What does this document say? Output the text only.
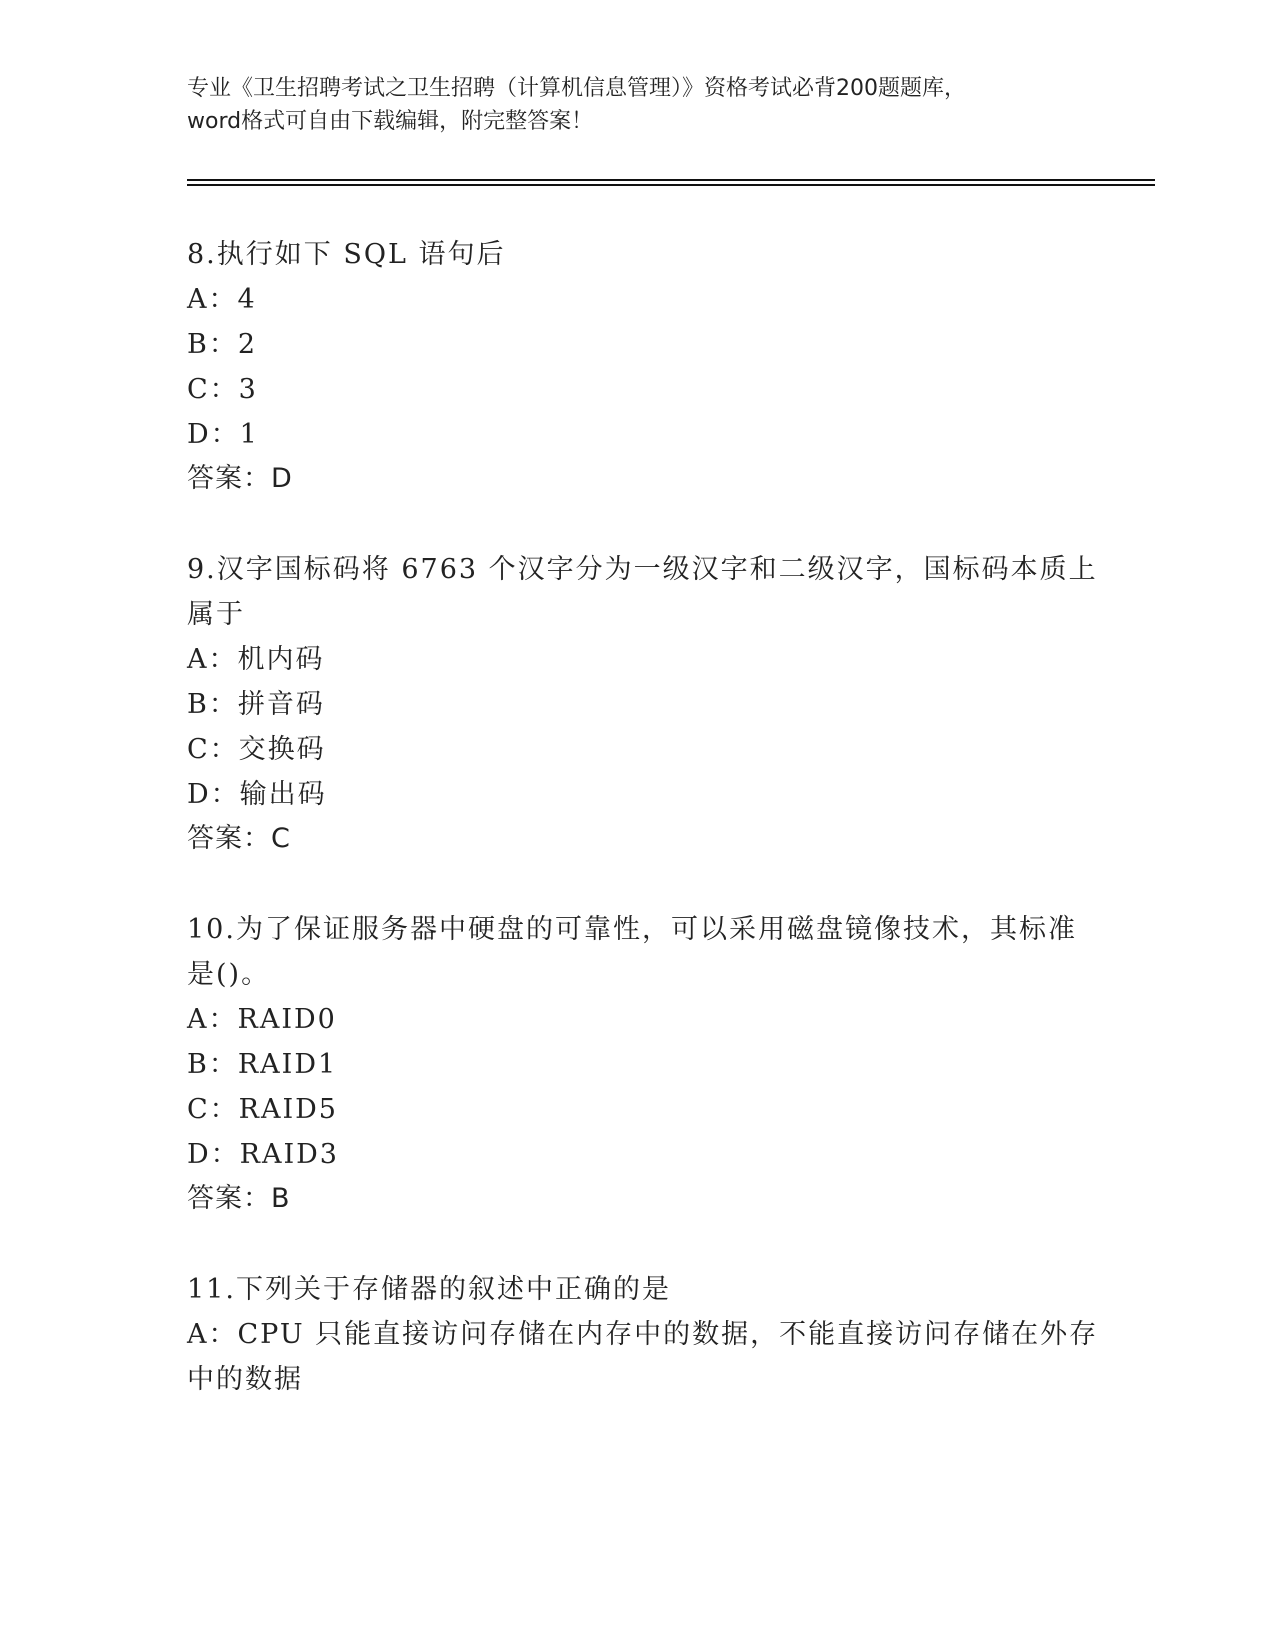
专业《卫生招聘考试之卫生招聘（计算机信息管理）》资格考试必背200题题库，
word格式可自由下载编辑，附完整答案！
8.执行如下 SQL 语句后
A：4
B：2
C：3
D：1
答案：D
9.汉字国标码将 6763 个汉字分为一级汉字和二级汉字，国标码本质上
属于
A：机内码
B：拼音码
C：交换码
D：输出码
答案：C
10.为了保证服务器中硬盘的可靠性，可以采用磁盘镜像技术，其标准
是()。
A：RAID0
B：RAID1
C：RAID5
D：RAID3
答案：B
11.下列关于存储器的叙述中正确的是
A：CPU 只能直接访问存储在内存中的数据，不能直接访问存储在外存
中的数据
